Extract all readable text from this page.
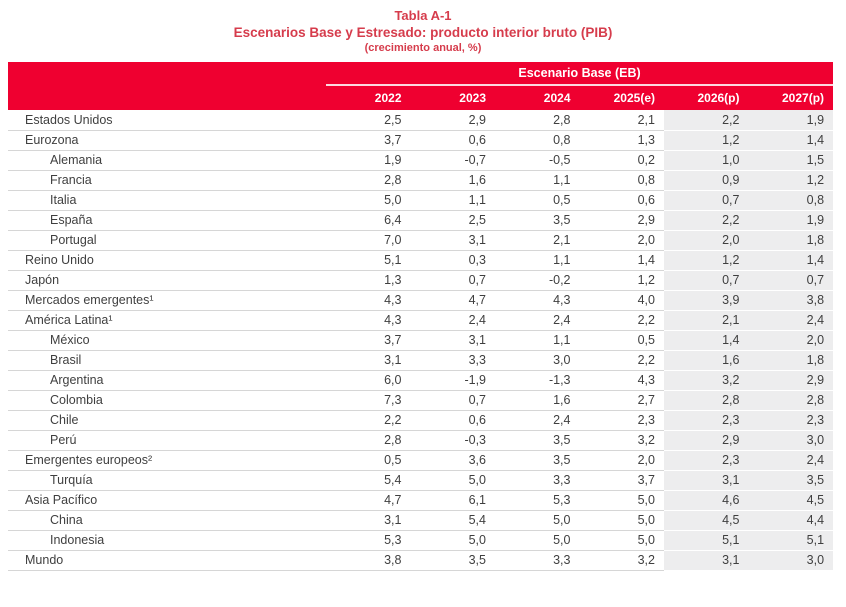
Tabla A-1
Escenarios Base y Estresado: producto interior bruto (PIB)
(crecimiento anual, %)
	Escenario Base (EB)					
	2022	2023	2024	2025(e)	2026(p)	2027(p)
Estados Unidos	2,5	2,9	2,8	2,1	2,2	1,9
Eurozona	3,7	0,6	0,8	1,3	1,2	1,4
Alemania	1,9	-0,7	-0,5	0,2	1,0	1,5
Francia	2,8	1,6	1,1	0,8	0,9	1,2
Italia	5,0	1,1	0,5	0,6	0,7	0,8
España	6,4	2,5	3,5	2,9	2,2	1,9
Portugal	7,0	3,1	2,1	2,0	2,0	1,8
Reino Unido	5,1	0,3	1,1	1,4	1,2	1,4
Japón	1,3	0,7	-0,2	1,2	0,7	0,7
Mercados emergentes¹	4,3	4,7	4,3	4,0	3,9	3,8
América Latina¹	4,3	2,4	2,4	2,2	2,1	2,4
México	3,7	3,1	1,1	0,5	1,4	2,0
Brasil	3,1	3,3	3,0	2,2	1,6	1,8
Argentina	6,0	-1,9	-1,3	4,3	3,2	2,9
Colombia	7,3	0,7	1,6	2,7	2,8	2,8
Chile	2,2	0,6	2,4	2,3	2,3	2,3
Perú	2,8	-0,3	3,5	3,2	2,9	3,0
Emergentes europeos²	0,5	3,6	3,5	2,0	2,3	2,4
Turquía	5,4	5,0	3,3	3,7	3,1	3,5
Asia Pacífico	4,7	6,1	5,3	5,0	4,6	4,5
China	3,1	5,4	5,0	5,0	4,5	4,4
Indonesia	5,3	5,0	5,0	5,0	5,1	5,1
Mundo	3,8	3,5	3,3	3,2	3,1	3,0
